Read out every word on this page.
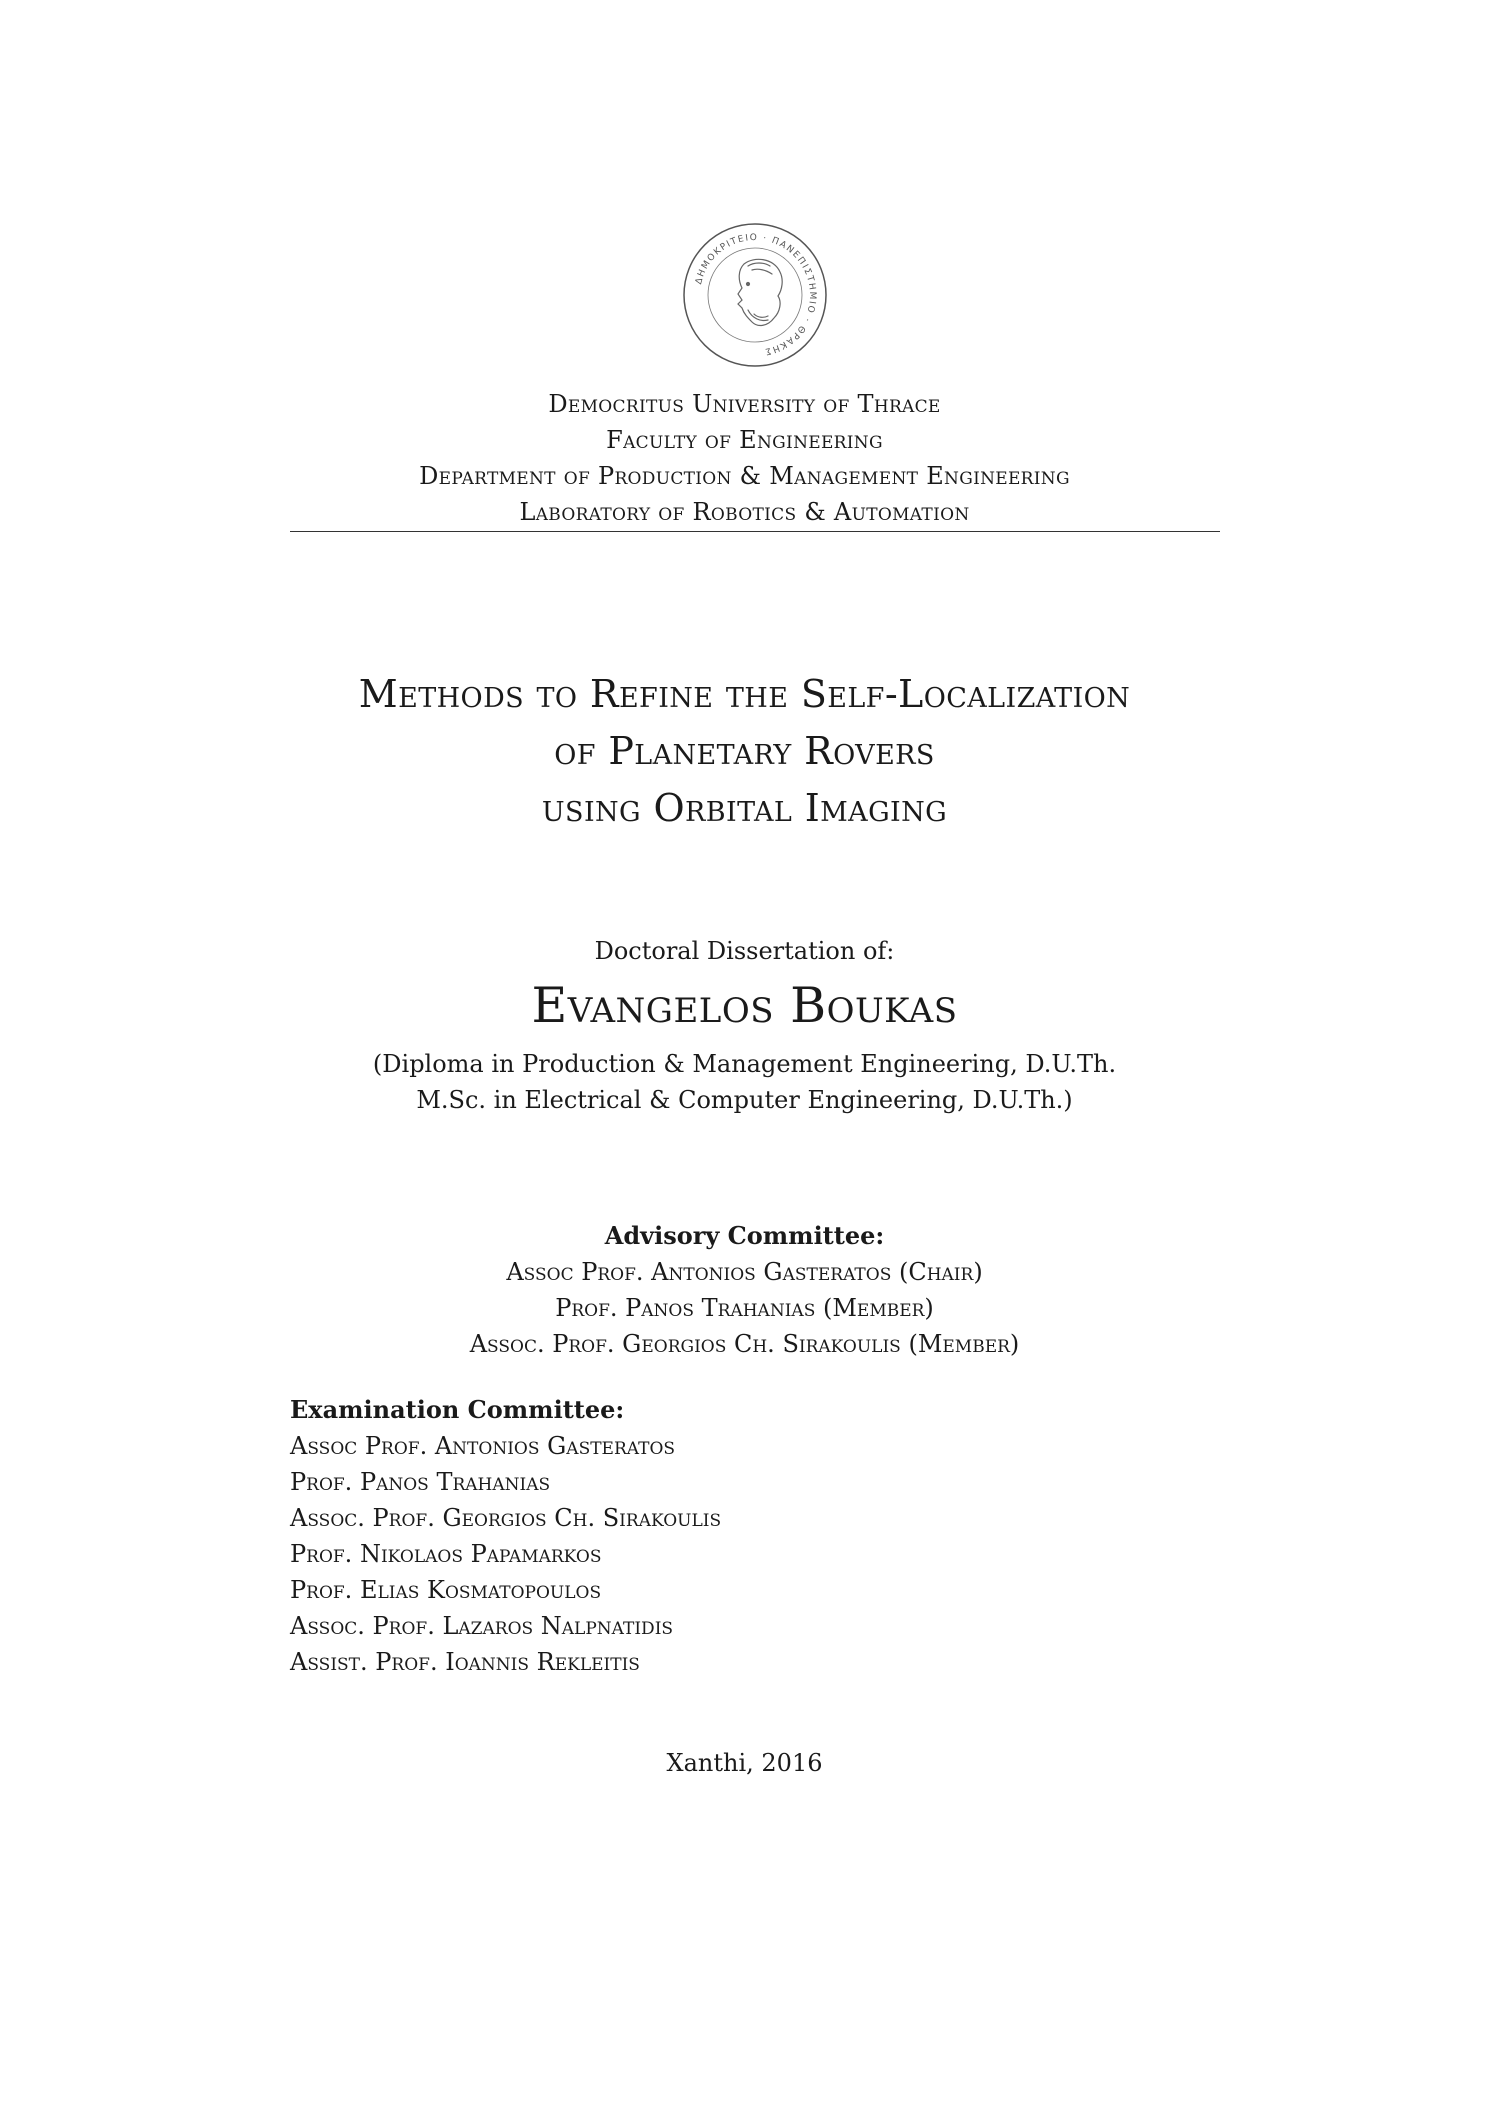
ΔΗΜΟΚΡΙΤΕΙΟ · ΠΑΝΕΠΙΣΤΗΜΙΟ · ΘΡΑΚΗΣ
Democritus University of Thrace
Faculty of Engineering
Department of Production & Management Engineering
Laboratory of Robotics & Automation
Methods to Refine the Self-Localization
of Planetary Rovers
using Orbital Imaging
Doctoral Dissertation of:
Evangelos Boukas
(Diploma in Production & Management Engineering, D.U.Th.
M.Sc. in Electrical & Computer Engineering, D.U.Th.)
Advisory Committee:
Assoc Prof. Antonios Gasteratos (Chair)
Prof. Panos Trahanias (Member)
Assoc. Prof. Georgios Ch. Sirakoulis (Member)
Examination Committee:
Assoc Prof. Antonios Gasteratos
Prof. Panos Trahanias
Assoc. Prof. Georgios Ch. Sirakoulis
Prof. Nikolaos Papamarkos
Prof. Elias Kosmatopoulos
Assoc. Prof. Lazaros Nalpnatidis
Assist. Prof. Ioannis Rekleitis
Xanthi, 2016
